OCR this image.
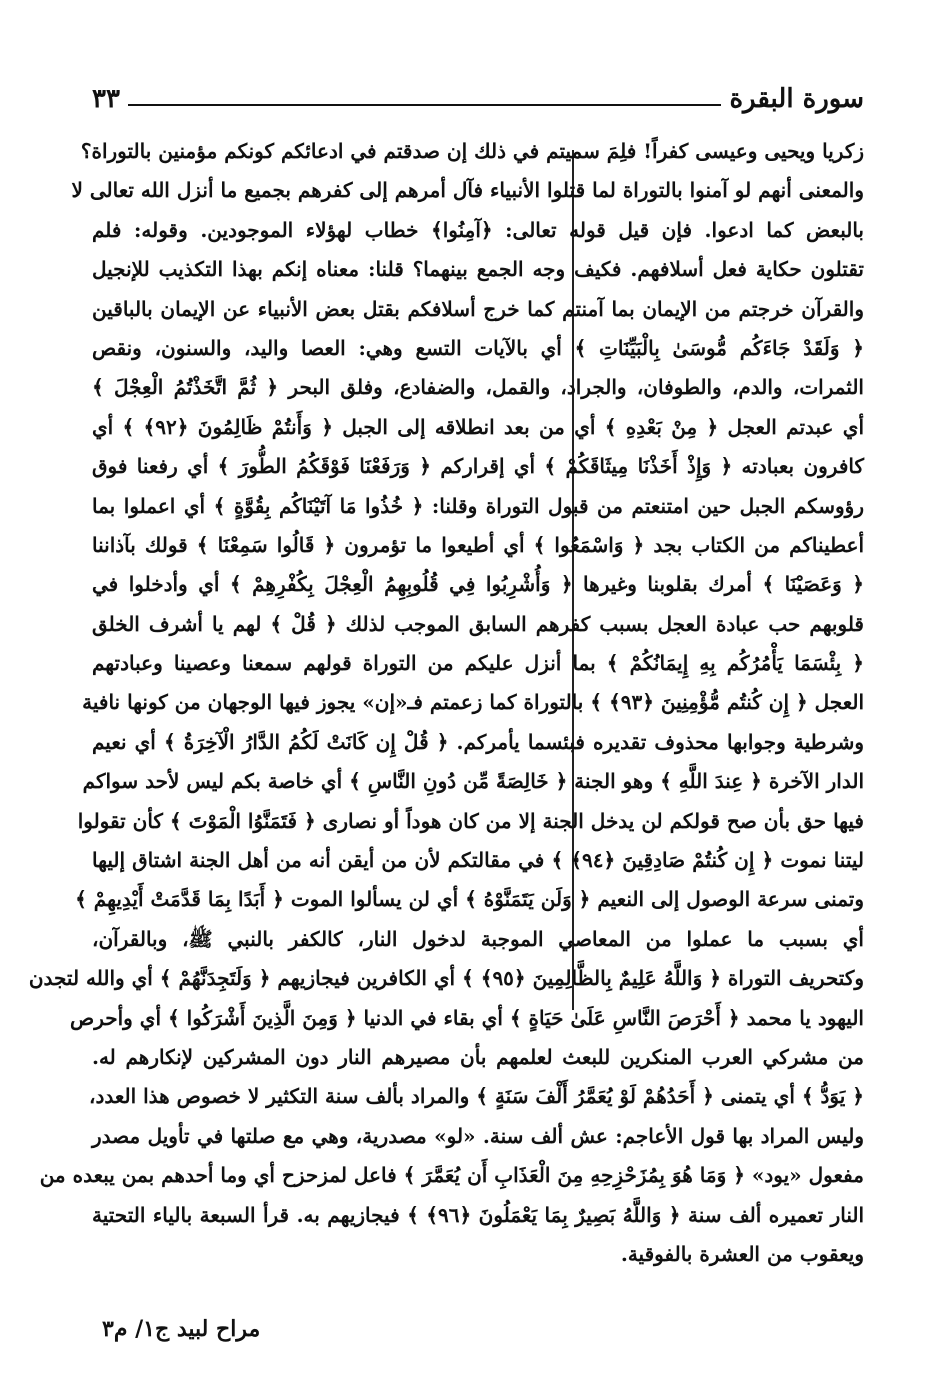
سورة البقرة
٣٣
زكريا ويحيى وعيسى كفراً! فلِمَ سميتم في ذلك إن صدقتم في ادعائكم كونكم مؤمنين بالتوراة؟
والمعنى أنهم لو آمنوا بالتوراة لما قتلوا الأنبياء فآل أمرهم إلى كفرهم بجميع ما أنزل الله تعالى لا
بالبعض كما ادعوا. فإن قيل قوله تعالى: ﴿آمِنُوا﴾ خطاب لهؤلاء الموجودين. وقوله: فلم
تقتلون حكاية فعل أسلافهم. فكيف وجه الجمع بينهما؟ قلنا: معناه إنكم بهذا التكذيب للإنجيل
والقرآن خرجتم من الإيمان بما آمنتم كما خرج أسلافكم بقتل بعض الأنبياء عن الإيمان بالباقين
﴿ وَلَقَدْ جَاءَكُم مُّوسَىٰ بِالْبَيِّنَاتِ ﴾ أي بالآيات التسع وهي: العصا واليد، والسنون، ونقص
الثمرات، والدم، والطوفان، والجراد، والقمل، والضفادع، وفلق البحر ﴿ ثُمَّ اتَّخَذْتُمُ الْعِجْلَ ﴾
أي عبدتم العجل ﴿ مِنْ بَعْدِهِ ﴾ أي من بعد انطلاقه إلى الجبل ﴿ وَأَنتُمْ ظَالِمُونَ ﴿٩٢﴾ ﴾ أي
كافرون بعبادته ﴿ وَإِذْ أَخَذْنَا مِيثَاقَكُمْ ﴾ أي إقراركم ﴿ وَرَفَعْنَا فَوْقَكُمُ الطُّورَ ﴾ أي رفعنا فوق
رؤوسكم الجبل حين امتنعتم من قبول التوراة وقلنا: ﴿ خُذُوا مَا آتَيْنَاكُم بِقُوَّةٍ ﴾ أي اعملوا بما
أعطيناكم من الكتاب بجد ﴿ وَاسْمَعُوا ﴾ أي أطيعوا ما تؤمرون ﴿ قَالُوا سَمِعْنَا ﴾ قولك بآذاننا
﴿ وَعَصَيْنَا ﴾ أمرك بقلوبنا وغيرها ﴿ وَأُشْرِبُوا فِي قُلُوبِهِمُ الْعِجْلَ بِكُفْرِهِمْ ﴾ أي وأدخلوا في
قلوبهم حب عبادة العجل بسبب كفرهم السابق الموجب لذلك ﴿ قُلْ ﴾ لهم يا أشرف الخلق
﴿ بِئْسَمَا يَأْمُرُكُم بِهِ إِيمَانُكُمْ ﴾ بما أنزل عليكم من التوراة قولهم سمعنا وعصينا وعبادتهم
العجل ﴿ إِن كُنتُم مُّؤْمِنِينَ ﴿٩٣﴾ ﴾ بالتوراة كما زعمتم فـ«إن» يجوز فيها الوجهان من كونها نافية
وشرطية وجوابها محذوف تقديره فبئسما يأمركم. ﴿ قُلْ إِن كَانَتْ لَكُمُ الدَّارُ الْآخِرَةُ ﴾ أي نعيم
الدار الآخرة ﴿ عِندَ اللَّهِ ﴾ وهو الجنة ﴿ خَالِصَةً مِّن دُونِ النَّاسِ ﴾ أي خاصة بكم ليس لأحد سواكم
فيها حق بأن صح قولكم لن يدخل الجنة إلا من كان هوداً أو نصارى ﴿ فَتَمَنَّوُا الْمَوْتَ ﴾ كأن تقولوا
ليتنا نموت ﴿ إِن كُنتُمْ صَادِقِينَ ﴿٩٤﴾ ﴾ في مقالتكم لأن من أيقن أنه من أهل الجنة اشتاق إليها
وتمنى سرعة الوصول إلى النعيم ﴿ وَلَن يَتَمَنَّوْهُ ﴾ أي لن يسألوا الموت ﴿ أَبَدًا بِمَا قَدَّمَتْ أَيْدِيهِمْ ﴾
أي بسبب ما عملوا من المعاصي الموجبة لدخول النار، كالكفر بالنبي ﷺ، وبالقرآن،
وكتحريف التوراة ﴿ وَاللَّهُ عَلِيمٌ بِالظَّالِمِينَ ﴿٩٥﴾ ﴾ أي الكافرين فيجازيهم ﴿ وَلَتَجِدَنَّهُمْ ﴾ أي والله لتجدن
اليهود يا محمد ﴿ أَحْرَصَ النَّاسِ عَلَىٰ حَيَاةٍ ﴾ أي بقاء في الدنيا ﴿ وَمِنَ الَّذِينَ أَشْرَكُوا ﴾ أي وأحرص
من مشركي العرب المنكرين للبعث لعلمهم بأن مصيرهم النار دون المشركين لإنكارهم له.
﴿ يَوَدُّ ﴾ أي يتمنى ﴿ أَحَدُهُمْ لَوْ يُعَمَّرُ أَلْفَ سَنَةٍ ﴾ والمراد بألف سنة التكثير لا خصوص هذا العدد،
وليس المراد بها قول الأعاجم: عش ألف سنة. «لو» مصدرية، وهي مع صلتها في تأويل مصدر
مفعول «يود» ﴿ وَمَا هُوَ بِمُزَحْزِحِهِ مِنَ الْعَذَابِ أَن يُعَمَّرَ ﴾ فاعل لمزحزح أي وما أحدهم بمن يبعده من
النار تعميره ألف سنة ﴿ وَاللَّهُ بَصِيرٌ بِمَا يَعْمَلُونَ ﴿٩٦﴾ ﴾ فيجازيهم به. قرأ السبعة بالياء التحتية
ويعقوب من العشرة بالفوقية.
مراح لبيد ج١/ م٣
